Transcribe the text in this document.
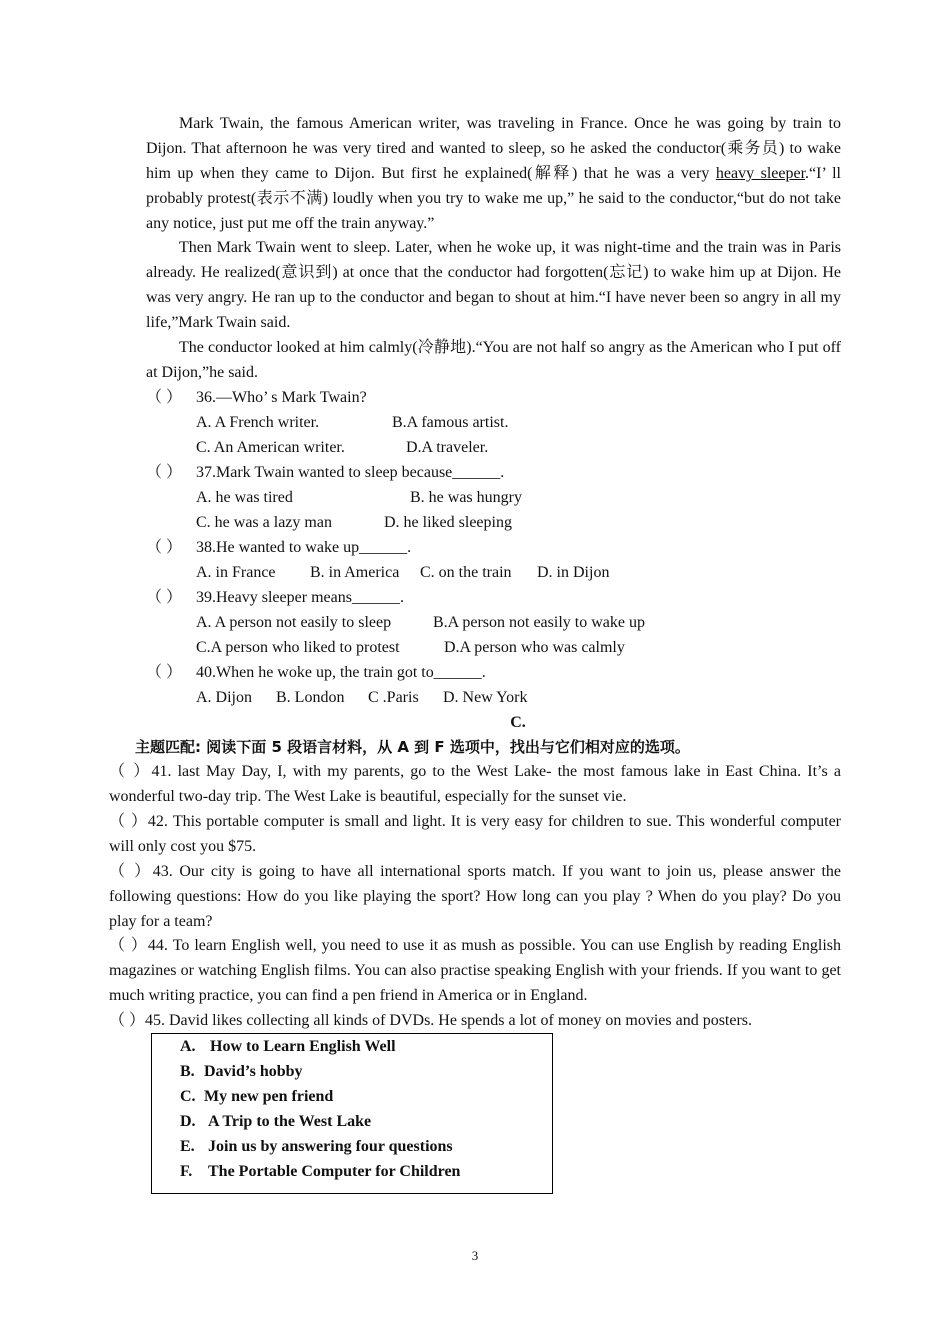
Mark Twain, the famous American writer, was traveling in France. Once he was going by train to Dijon. That afternoon he was very tired and wanted to sleep, so he asked the conductor(乘务员) to wake him up when they came to Dijon. But first he explained(解释) that he was a very heavy sleeper.“I’ ll probably protest(表示不满) loudly when you try to wake me up,” he said to the conductor,“but do not take any notice, just put me off the train anyway.”
Then Mark Twain went to sleep. Later, when he woke up, it was night-time and the train was in Paris already. He realized(意识到) at once that the conductor had forgotten(忘记) to wake him up at Dijon. He was very angry. He ran up to the conductor and began to shout at him.“I have never been so angry in all my life,”Mark Twain said.
The conductor looked at him calmly(冷静地).“You are not half so angry as the American who I put off at Dijon,”he said.
（ ） 36.—Who’ s Mark Twain?
A. A French writer.	B.A famous artist.
C. An American writer.	D.A traveler.
（ ） 37.Mark Twain wanted to sleep because______.
A. he was tired	B. he was hungry
C. he was a lazy man	D. he liked sleeping
（ ） 38.He wanted to wake up______.
A. in France B. in America C. on the train D. in Dijon
（ ） 39.Heavy sleeper means______.
A. A person not easily to sleep	B.A person not easily to wake up
C.A person who liked to protest	D.A person who was calmly
（ ） 40.When he woke up, the train got to______.
A. Dijon B. London C .Paris D. New York
C.
主题匹配: 阅读下面 5 段语言材料，从 A 到 F 选项中，找出与它们相对应的选项。
（ ）41. last May Day, I, with my parents, go to the West Lake- the most famous lake in East China. It’s a wonderful two-day trip. The West Lake is beautiful, especially for the sunset vie.
（ ）42. This portable computer is small and light. It is very easy for children to sue. This wonderful computer will only cost you $75.
（ ）43. Our city is going to have all international sports match. If you want to join us, please answer the following questions: How do you like playing the sport? How long can you play ? When do you play? Do you play for a team?
（ ）44. To learn English well, you need to use it as mush as possible. You can use English by reading English magazines or watching English films. You can also practise speaking English with your friends. If you want to get much writing practice, you can find a pen friend in America or in England.
（ ）45. David likes collecting all kinds of DVDs. He spends a lot of money on movies and posters.
A. How to Learn English Well
B. David’s hobby
C. My new pen friend
D. A Trip to the West Lake
E. Join us by answering four questions
F. The Portable Computer for Children
3
